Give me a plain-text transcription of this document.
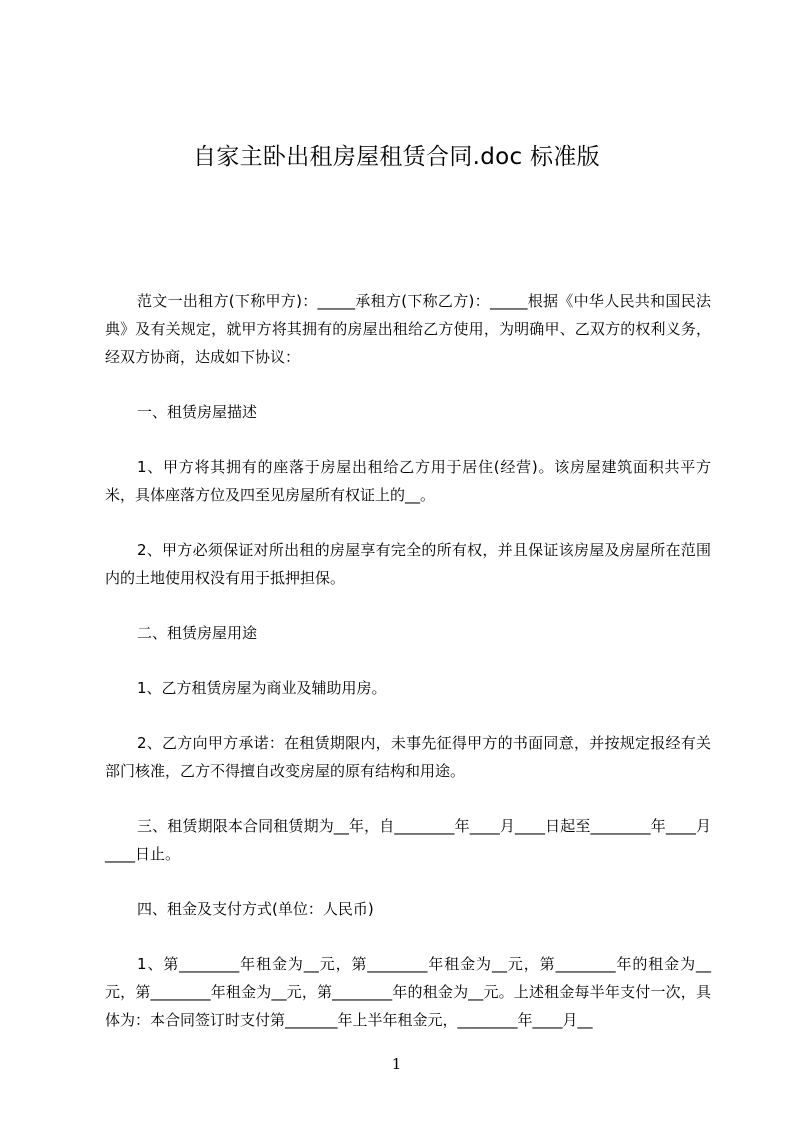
自家主卧出租房屋租赁合同.doc 标准版

范文一出租方(下称甲方)：_____承租方(下称乙方)：_____根据《中华人民共和国民法典》及有关规定，就甲方将其拥有的房屋出租给乙方使用，为明确甲、乙双方的权利义务，经双方协商，达成如下协议：

一、租赁房屋描述

1、甲方将其拥有的座落于房屋出租给乙方用于居住(经营)。该房屋建筑面积共平方米，具体座落方位及四至见房屋所有权证上的__。

2、甲方必须保证对所出租的房屋享有完全的所有权，并且保证该房屋及房屋所在范围内的土地使用权没有用于抵押担保。

二、租赁房屋用途

1、乙方租赁房屋为商业及辅助用房。

2、乙方向甲方承诺：在租赁期限内，未事先征得甲方的书面同意，并按规定报经有关部门核准，乙方不得擅自改变房屋的原有结构和用途。

三、租赁期限本合同租赁期为__年，自________年____月____日起至________年____月____日止。

四、租金及支付方式(单位：人民币)

1、第________年租金为__元，第________年租金为__元，第________年的租金为__元，第________年租金为__元，第________年的租金为__元。上述租金每半年支付一次，具体为：本合同签订时支付第_______年上半年租金元，________年____月__

1
